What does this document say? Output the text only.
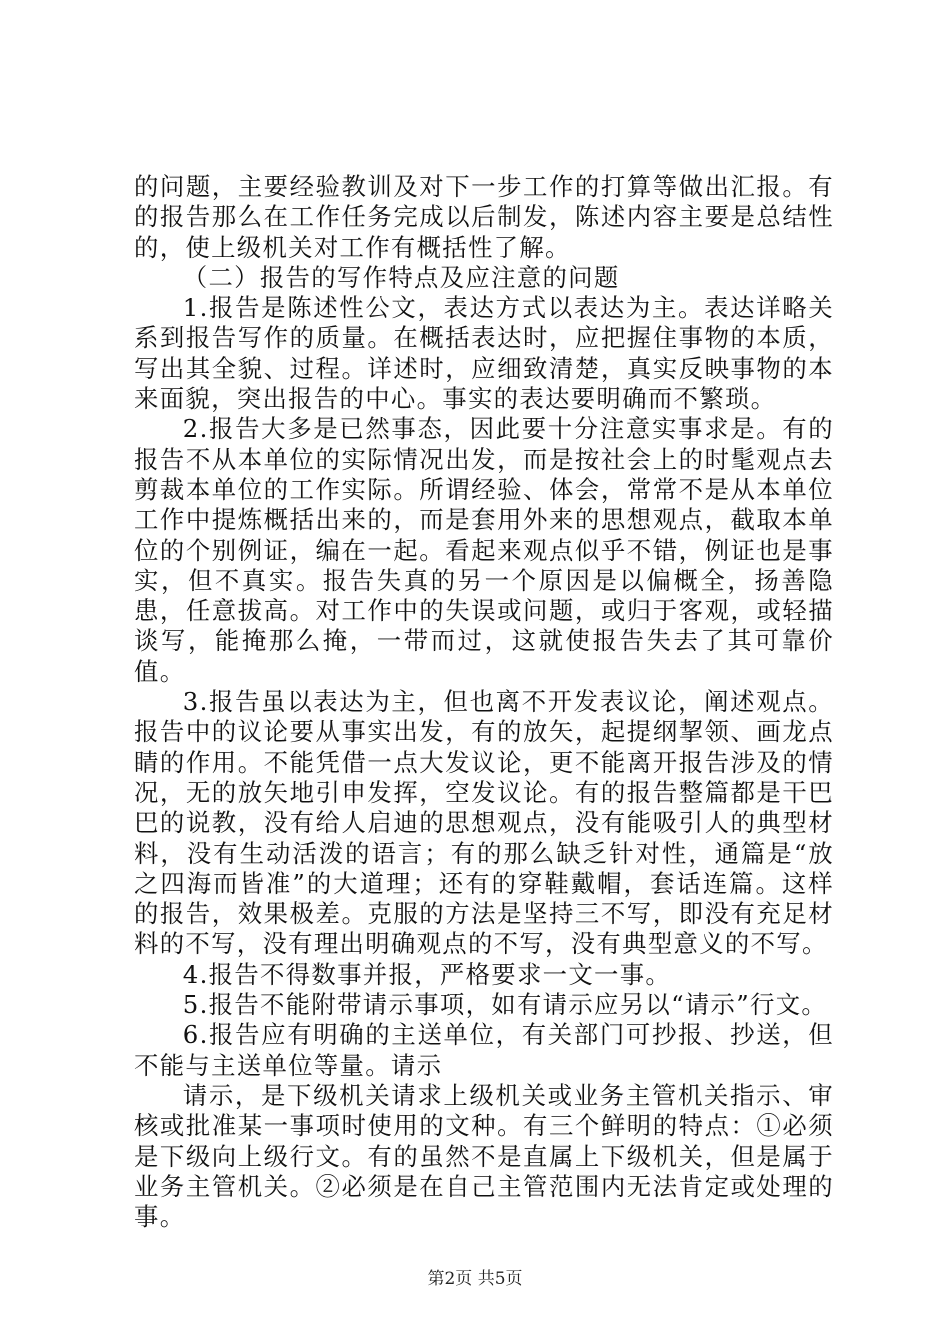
的问题，主要经验教训及对下一步工作的打算等做出汇报。有的报告那么在工作任务完成以后制发，陈述内容主要是总结性的，使上级机关对工作有概括性了解。

（二）报告的写作特点及应注意的问题

1.报告是陈述性公文，表达方式以表达为主。表达详略关系到报告写作的质量。在概括表达时，应把握住事物的本质，写出其全貌、过程。详述时，应细致清楚，真实反映事物的本来面貌，突出报告的中心。事实的表达要明确而不繁琐。

2.报告大多是已然事态，因此要十分注意实事求是。有的报告不从本单位的实际情况出发，而是按社会上的时髦观点去剪裁本单位的工作实际。所谓经验、体会，常常不是从本单位工作中提炼概括出来的，而是套用外来的思想观点，截取本单位的个别例证，编在一起。看起来观点似乎不错，例证也是事实，但不真实。报告失真的另一个原因是以偏概全，扬善隐患，任意拔高。对工作中的失误或问题，或归于客观，或轻描谈写，能掩那么掩，一带而过，这就使报告失去了其可靠价值。

3.报告虽以表达为主，但也离不开发表议论，阐述观点。报告中的议论要从事实出发，有的放矢，起提纲挈领、画龙点睛的作用。不能凭借一点大发议论，更不能离开报告涉及的情况，无的放矢地引申发挥，空发议论。有的报告整篇都是干巴巴的说教，没有给人启迪的思想观点，没有能吸引人的典型材料，没有生动活泼的语言；有的那么缺乏针对性，通篇是“放之四海而皆准”的大道理；还有的穿鞋戴帽，套话连篇。这样的报告，效果极差。克服的方法是坚持三不写，即没有充足材料的不写，没有理出明确观点的不写，没有典型意义的不写。

4.报告不得数事并报，严格要求一文一事。

5.报告不能附带请示事项，如有请示应另以“请示”行文。

6.报告应有明确的主送单位，有关部门可抄报、抄送，但不能与主送单位等量。请示

请示，是下级机关请求上级机关或业务主管机关指示、审核或批准某一事项时使用的文种。有三个鲜明的特点：①必须是下级向上级行文。有的虽然不是直属上下级机关，但是属于业务主管机关。②必须是在自己主管范围内无法肯定或处理的事。

第2页 共5页
